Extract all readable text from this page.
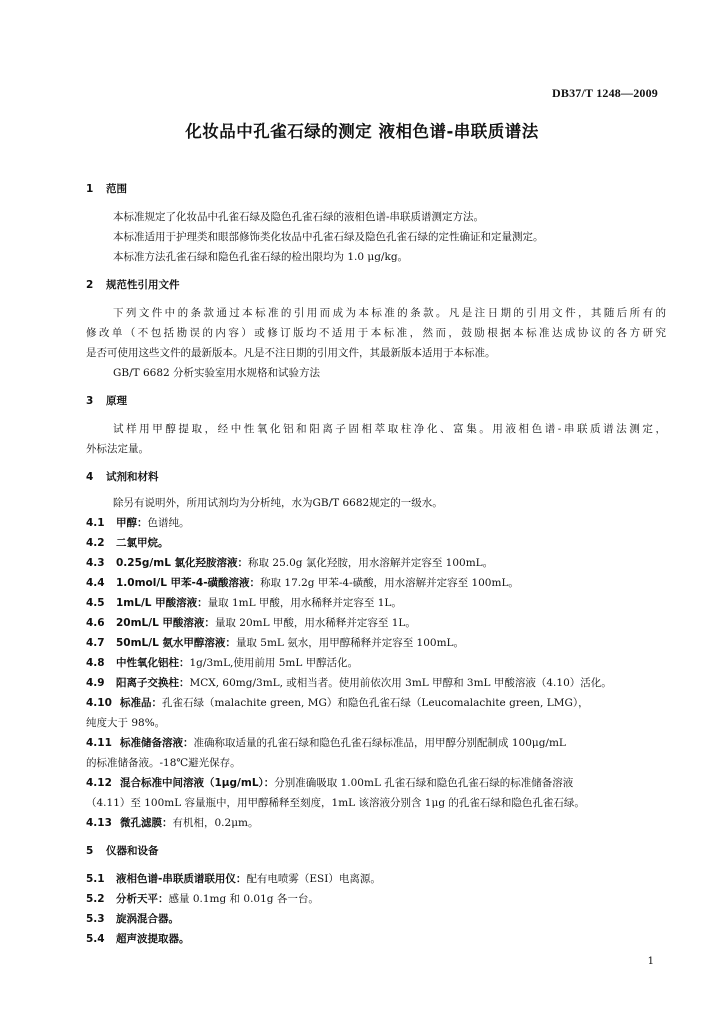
DB37/T 1248—2009
化妆品中孔雀石绿的测定 液相色谱-串联质谱法
1 范围
本标准规定了化妆品中孔雀石绿及隐色孔雀石绿的液相色谱-串联质谱测定方法。
本标准适用于护理类和眼部修饰类化妆品中孔雀石绿及隐色孔雀石绿的定性确证和定量测定。
本标准方法孔雀石绿和隐色孔雀石绿的检出限均为 1.0 μg/kg。
2 规范性引用文件
下列文件中的条款通过本标准的引用而成为本标准的条款。凡是注日期的引用文件，其随后所有的
修改单（不包括勘误的内容）或修订版均不适用于本标准，然而，鼓励根据本标准达成协议的各方研究
是否可使用这些文件的最新版本。凡是不注日期的引用文件，其最新版本适用于本标准。
GB/T 6682 分析实验室用水规格和试验方法
3 原理
试样用甲醇提取，经中性氧化铝和阳离子固相萃取柱净化、富集。用液相色谱-串联质谱法测定，
外标法定量。
4 试剂和材料
除另有说明外，所用试剂均为分析纯，水为GB/T 6682规定的一级水。
4.1 甲醇：色谱纯。
4.2 二氯甲烷。
4.3 0.25g/mL 氯化羟胺溶液：称取 25.0g 氯化羟胺，用水溶解并定容至 100mL。
4.4 1.0mol/L 甲苯-4-磺酸溶液：称取 17.2g 甲苯-4-磺酸，用水溶解并定容至 100mL。
4.5 1mL/L 甲酸溶液：量取 1mL 甲酸，用水稀释并定容至 1L。
4.6 20mL/L 甲酸溶液：量取 20mL 甲酸，用水稀释并定容至 1L。
4.7 50mL/L 氨水甲醇溶液：量取 5mL 氨水，用甲醇稀释并定容至 100mL。
4.8 中性氧化铝柱：1g/3mL,使用前用 5mL 甲醇活化。
4.9 阳离子交换柱：MCX, 60mg/3mL, 或相当者。使用前依次用 3mL 甲醇和 3mL 甲酸溶液（4.10）活化。
4.10 标准品：孔雀石绿（malachite green, MG）和隐色孔雀石绿（Leucomalachite green, LMG），
纯度大于 98%。
4.11 标准储备溶液：准确称取适量的孔雀石绿和隐色孔雀石绿标准品，用甲醇分别配制成 100μg/mL
的标准储备液。-18℃避光保存。
4.12 混合标准中间溶液（1μg/mL）：分别准确吸取 1.00mL 孔雀石绿和隐色孔雀石绿的标准储备溶液
（4.11）至 100mL 容量瓶中，用甲醇稀释至刻度，1mL 该溶液分别含 1μg 的孔雀石绿和隐色孔雀石绿。
4.13 微孔滤膜：有机相，0.2μm。
5 仪器和设备
5.1 液相色谱-串联质谱联用仪：配有电喷雾（ESI）电离源。
5.2 分析天平：感量 0.1mg 和 0.01g 各一台。
5.3 旋涡混合器。
5.4 超声波提取器。
1
